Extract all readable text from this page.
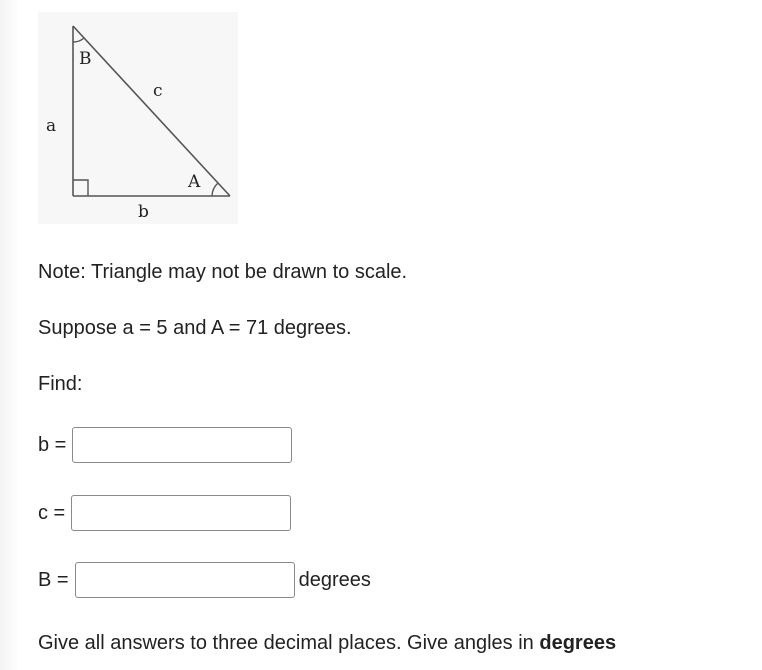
a
b
c
A
B
Note: Triangle may not be drawn to scale.
Suppose a = 5 and A = 71 degrees.
Find:
b =
c =
B =	degrees
Give all answers to three decimal places. Give angles in degrees
